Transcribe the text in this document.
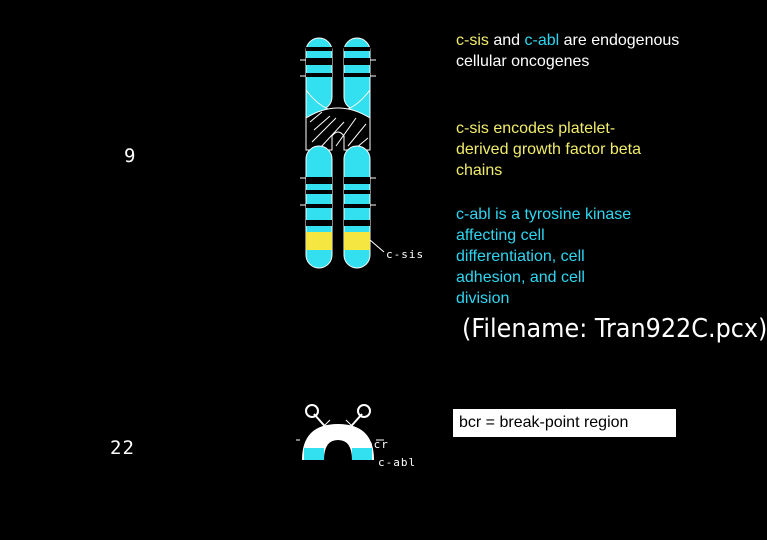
9
22
c-sis
bcr
c-abl
c-sis and c-abl are endogenous cellular oncogenes
c-sis encodes platelet-derived growth factor beta chains
c-abl is a tyrosine kinase affecting cell differentiation, cell adhesion, and cell division
(Filename: Tran922C.pcx)
bcr = break-point region
